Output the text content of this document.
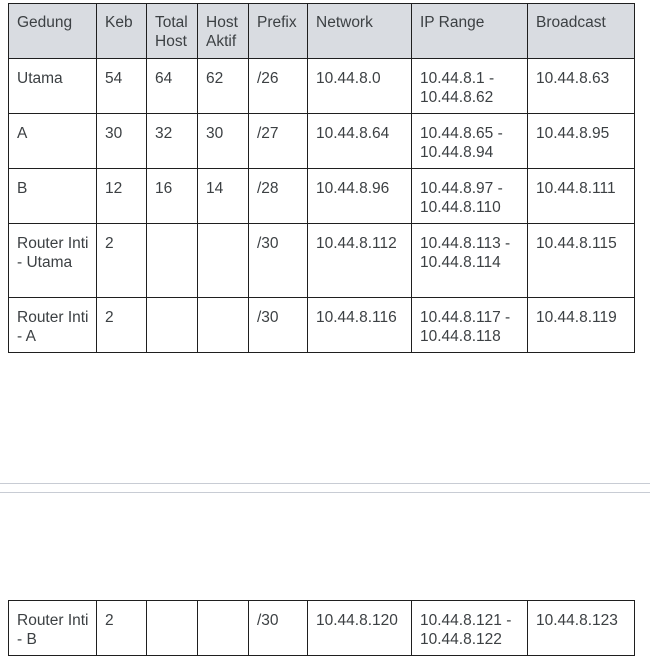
Gedung	Keb	Total Host	Host Aktif	Prefix	Network	IP Range	Broadcast
Utama	54	64	62	/26	10.44.8.0	10.44.8.1 - 10.44.8.62	10.44.8.63
A	30	32	30	/27	10.44.8.64	10.44.8.65 - 10.44.8.94	10.44.8.95
B	12	16	14	/28	10.44.8.96	10.44.8.97 - 10.44.8.110	10.44.8.111
Router Inti - Utama	2			/30	10.44.8.112	10.44.8.113 - 10.44.8.114	10.44.8.115
Router Inti - A	2			/30	10.44.8.116	10.44.8.117 - 10.44.8.118	10.44.8.119
Router Inti - B	2			/30	10.44.8.120	10.44.8.121 - 10.44.8.122	10.44.8.123
